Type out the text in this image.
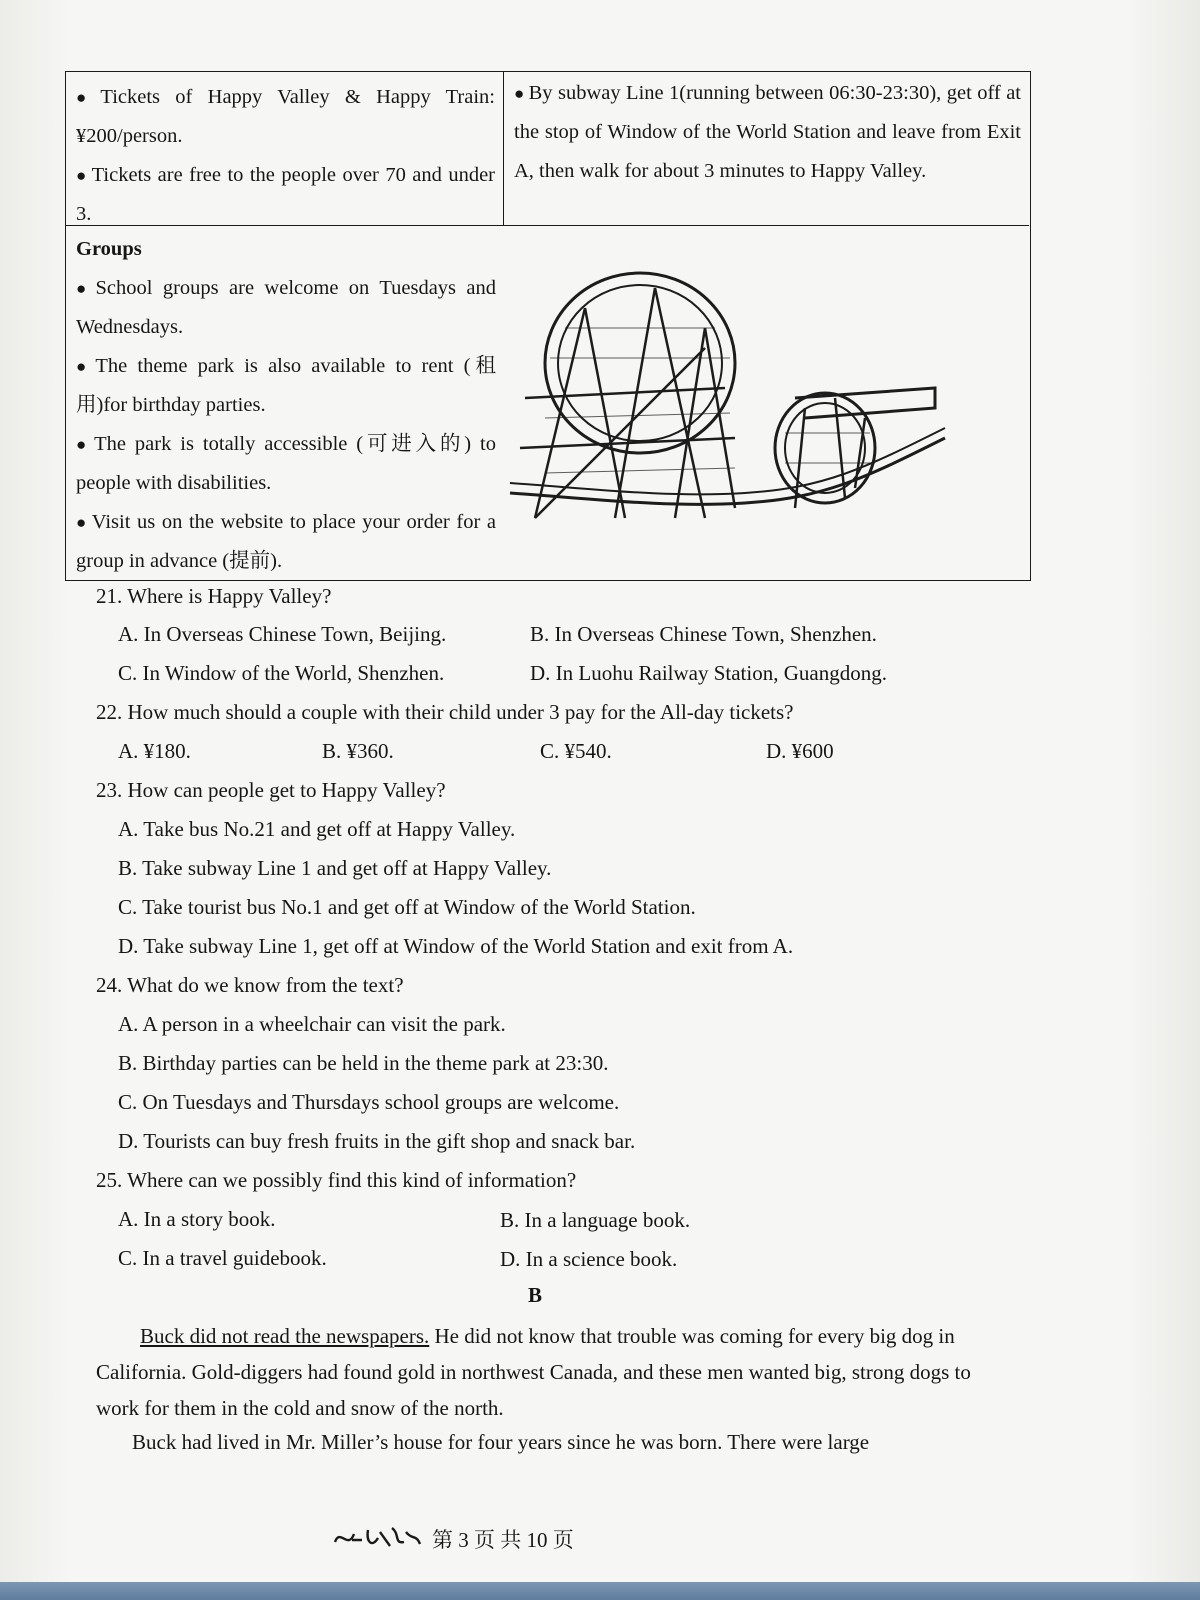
● Tickets of Happy Valley & Happy Train: ¥200/person.

● Tickets are free to the people over 70 and under 3.

● By subway Line 1(running between 06:30-23:30), get off at the stop of Window of the World Station and leave from Exit A, then walk for about 3 minutes to Happy Valley.

Groups

● School groups are welcome on Tuesdays and Wednesdays.

● The theme park is also available to rent (租用)for birthday parties.

● The park is totally accessible (可进入的) to people with disabilities.

● Visit us on the website to place your order for a group in advance (提前).

21. Where is Happy Valley?
A. In Overseas Chinese Town, Beijing.	B. In Overseas Chinese Town, Shenzhen.
C. In Window of the World, Shenzhen.	D. In Luohu Railway Station, Guangdong.
22. How much should a couple with their child under 3 pay for the All-day tickets?
A. ¥180.	B. ¥360.	C. ¥540.	D. ¥600
23. How can people get to Happy Valley?
A. Take bus No.21 and get off at Happy Valley.
B. Take subway Line 1 and get off at Happy Valley.
C. Take tourist bus No.1 and get off at Window of the World Station.
D. Take subway Line 1, get off at Window of the World Station and exit from A.
24. What do we know from the text?
A. A person in a wheelchair can visit the park.
B. Birthday parties can be held in the theme park at 23:30.
C. On Tuesdays and Thursdays school groups are welcome.
D. Tourists can buy fresh fruits in the gift shop and snack bar.
25. Where can we possibly find this kind of information?
A. In a story book.	B. In a language book.
C. In a travel guidebook.	D. In a science book.
B
Buck did not read the newspapers. He did not know that trouble was coming for every big dog in California. Gold-diggers had found gold in northwest Canada, and these men wanted big, strong dogs to work for them in the cold and snow of the north.
Buck had lived in Mr. Miller’s house for four years since he was born. There were large
第 3 页 共 10 页
